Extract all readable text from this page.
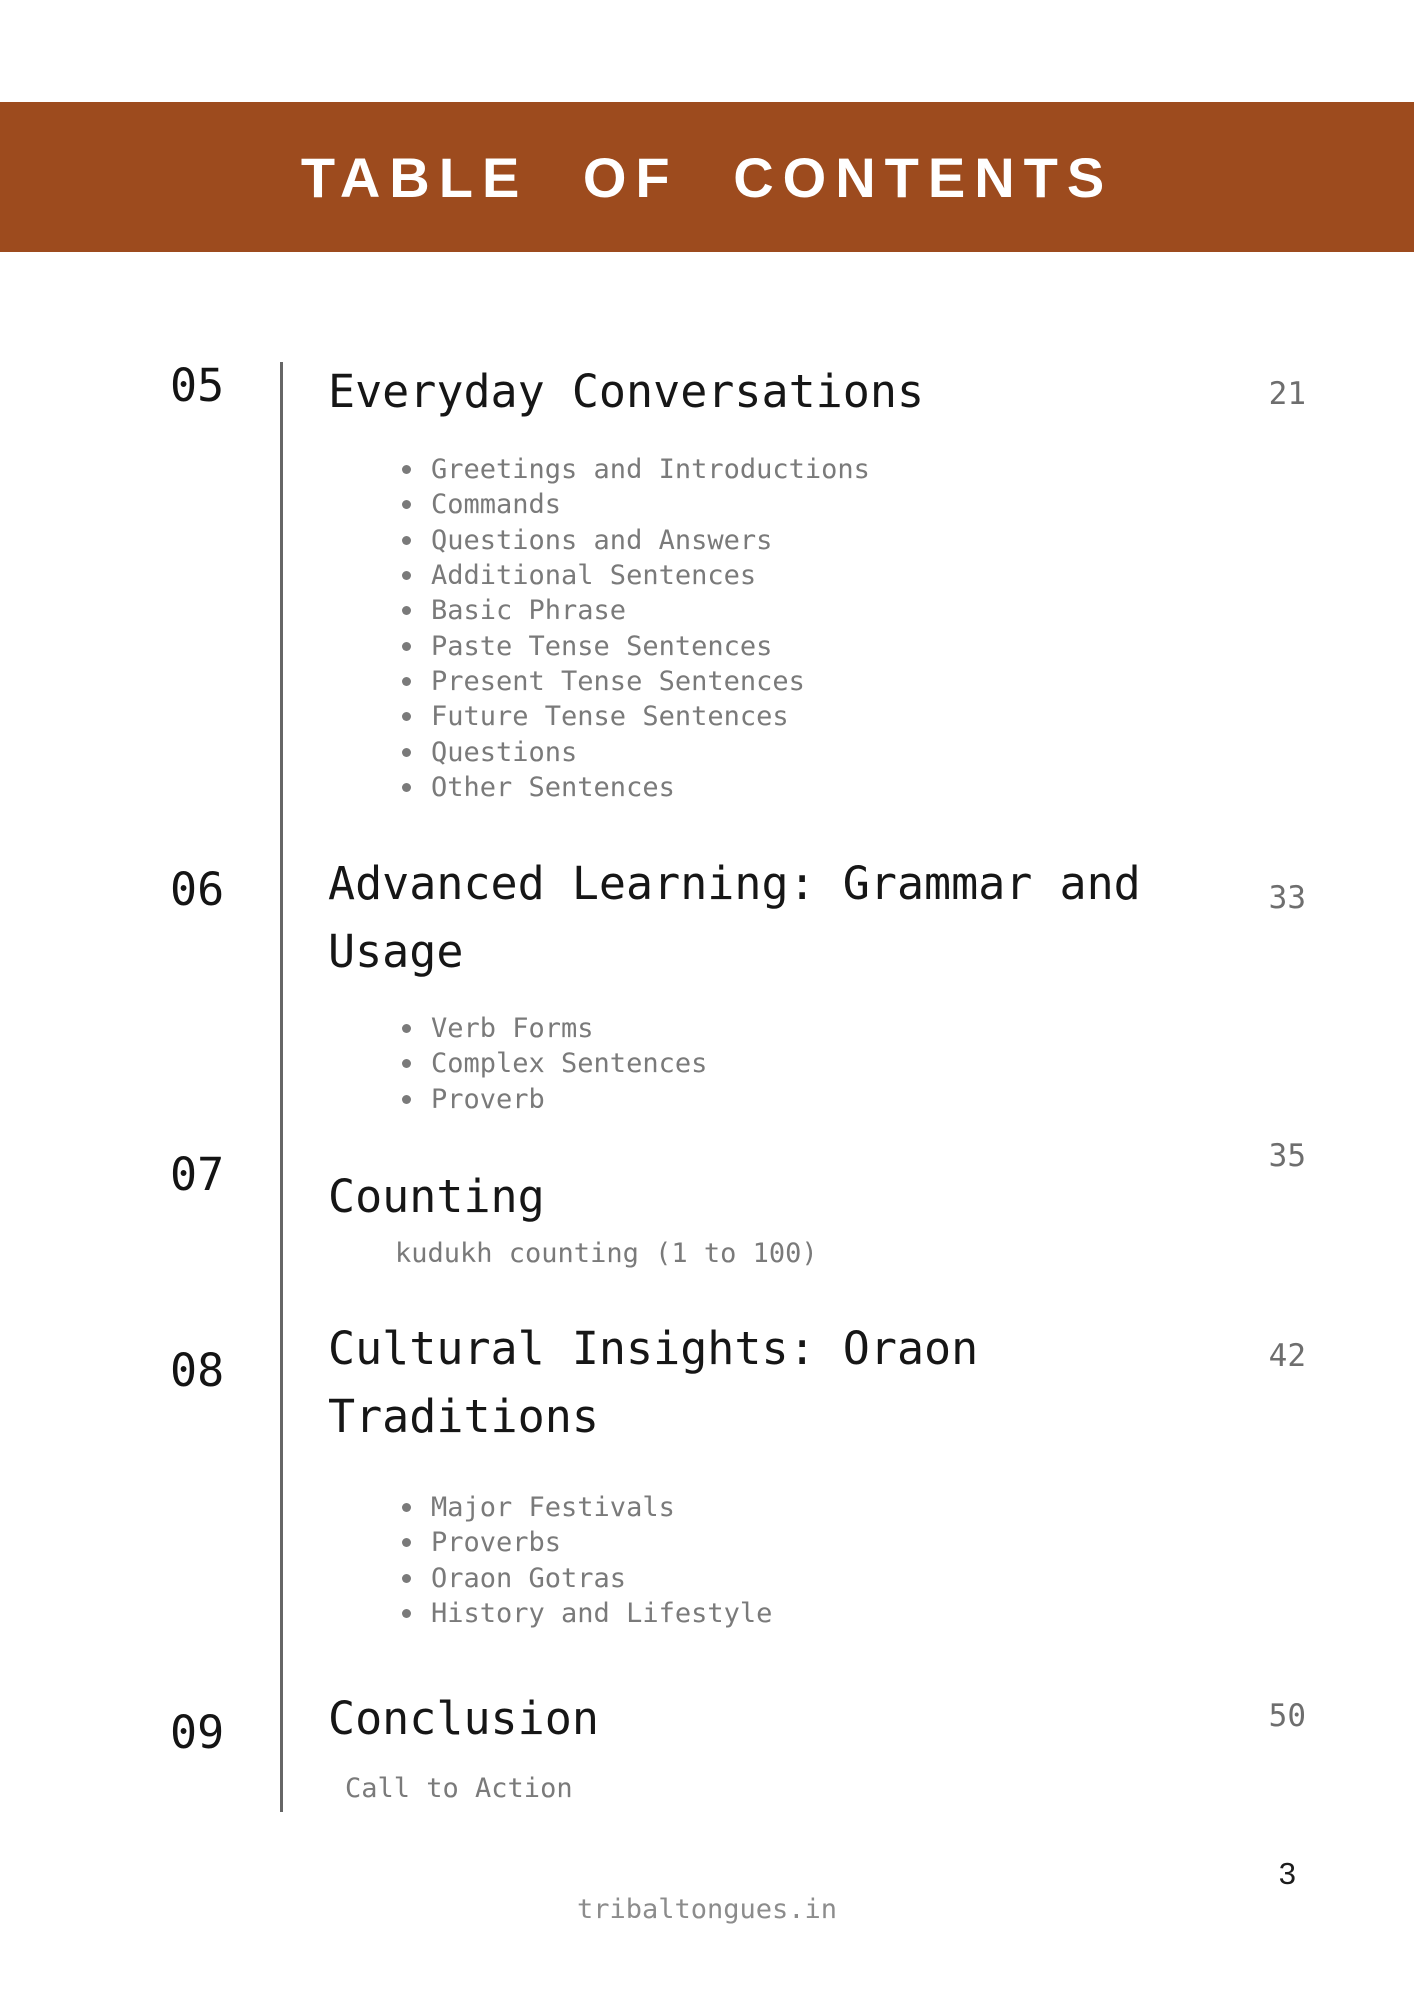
TABLE OF CONTENTS
05 Everyday Conversations	21
Greetings and Introductions
Commands
Questions and Answers
Additional Sentences
Basic Phrase
Paste Tense Sentences
Present Tense Sentences
Future Tense Sentences
Questions
Other Sentences
06 Advanced Learning: Grammar and Usage
33
Verb Forms
Complex Sentences
Proverb
07 Counting
35
kudukh counting (1 to 100)
08 Cultural Insights: Oraon Traditions
42
Major Festivals
Proverbs
Oraon Gotras
History and Lifestyle
09 Conclusion	50
Call to Action
tribaltongues.in
3
